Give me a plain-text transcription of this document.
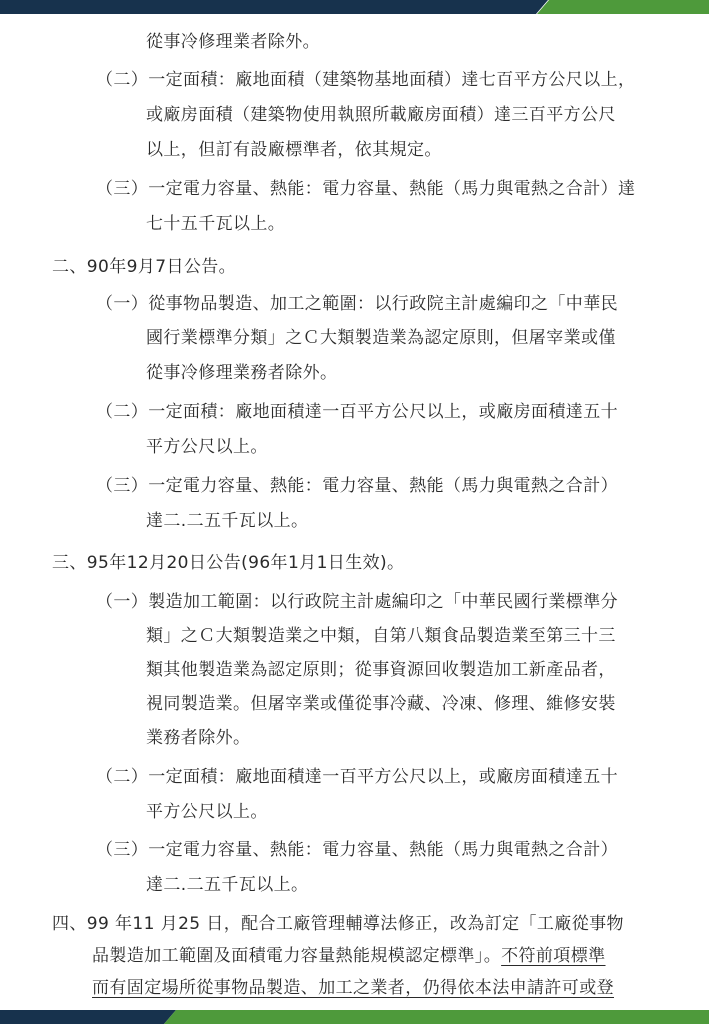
從事冷修理業者除外。
（二）一定面積：廠地面積（建築物基地面積）達七百平方公尺以上，
或廠房面積（建築物使用執照所載廠房面積）達三百平方公尺
以上，但訂有設廠標準者，依其規定。
（三）一定電力容量、熱能：電力容量、熱能（馬力與電熱之合計）達
七十五千瓦以上。
二、90年9月7日公告。
（一）從事物品製造、加工之範圍：以行政院主計處編印之「中華民
國行業標準分類」之Ｃ大類製造業為認定原則，但屠宰業或僅
從事冷修理業務者除外。
（二）一定面積：廠地面積達一百平方公尺以上，或廠房面積達五十
平方公尺以上。
（三）一定電力容量、熱能：電力容量、熱能（馬力與電熱之合計）
達二.二五千瓦以上。
三、95年12月20日公告(96年1月1日生效)。
（一）製造加工範圍：以行政院主計處編印之「中華民國行業標準分
類」之Ｃ大類製造業之中類，自第八類食品製造業至第三十三
類其他製造業為認定原則；從事資源回收製造加工新產品者，
視同製造業。但屠宰業或僅從事冷藏、冷凍、修理、維修安裝
業務者除外。
（二）一定面積：廠地面積達一百平方公尺以上，或廠房面積達五十
平方公尺以上。
（三）一定電力容量、熱能：電力容量、熱能（馬力與電熱之合計）
達二.二五千瓦以上。
四、99 年11 月25 日，配合工廠管理輔導法修正，改為訂定「工廠從事物
品製造加工範圍及面積電力容量熱能規模認定標準」。不符前項標準
而有固定場所從事物品製造、加工之業者，仍得依本法申請許可或登
